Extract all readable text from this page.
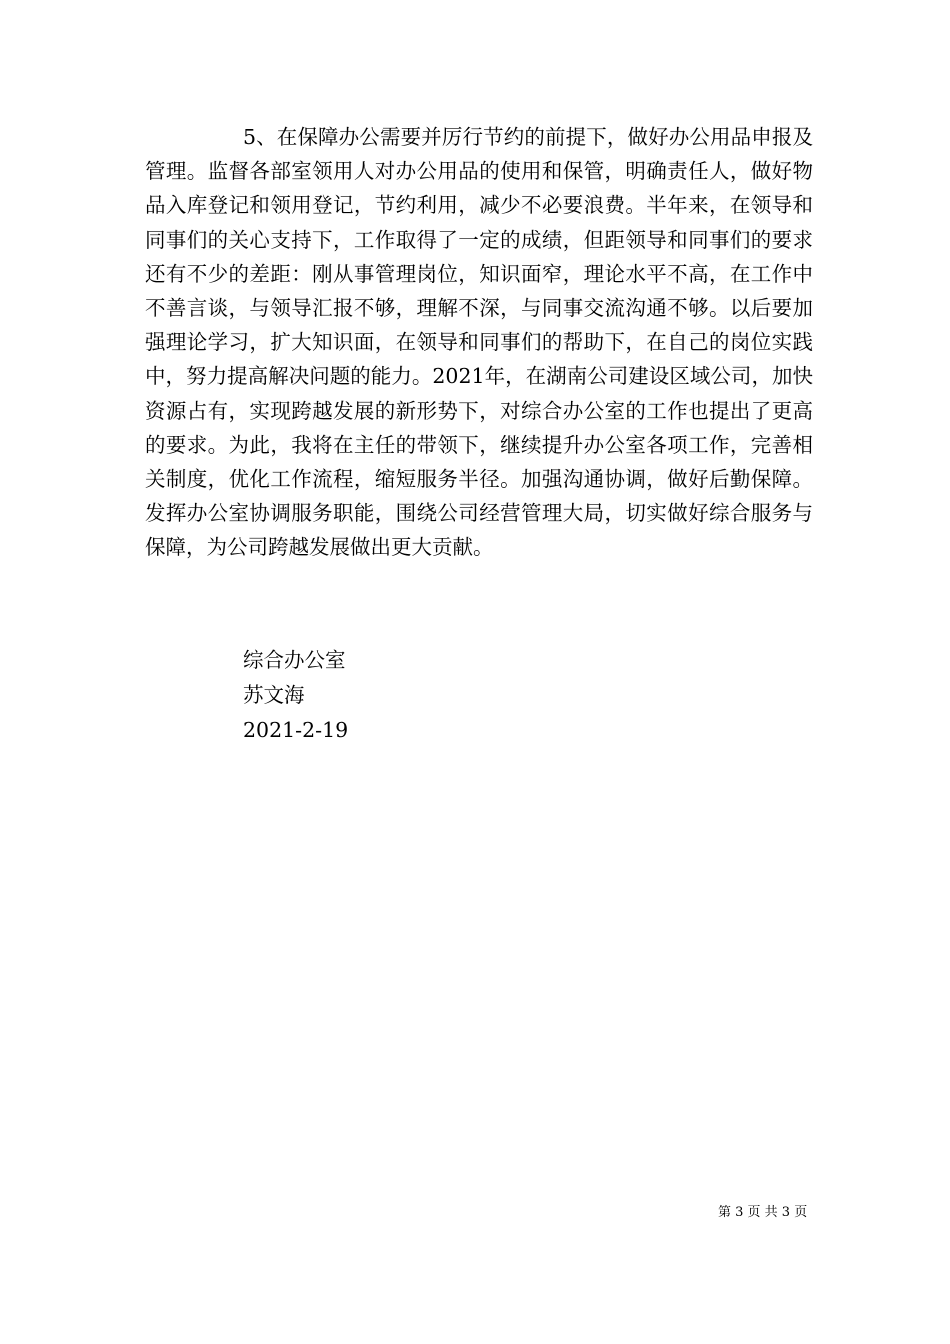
5、在保障办公需要并厉行节约的前提下，做好办公用品申报及管理。监督各部室领用人对办公用品的使用和保管，明确责任人，做好物品入库登记和领用登记，节约利用，减少不必要浪费。半年来，在领导和同事们的关心支持下，工作取得了一定的成绩，但距领导和同事们的要求还有不少的差距：刚从事管理岗位，知识面窄，理论水平不高，在工作中不善言谈，与领导汇报不够，理解不深，与同事交流沟通不够。以后要加强理论学习，扩大知识面，在领导和同事们的帮助下，在自己的岗位实践中，努力提高解决问题的能力。2021年，在湖南公司建设区域公司，加快资源占有，实现跨越发展的新形势下，对综合办公室的工作也提出了更高的要求。为此，我将在主任的带领下，继续提升办公室各项工作，完善相关制度，优化工作流程，缩短服务半径。加强沟通协调，做好后勤保障。发挥办公室协调服务职能，围绕公司经营管理大局，切实做好综合服务与保障，为公司跨越发展做出更大贡献。

综合办公室

苏文海

2021-2-19

第 3 页 共 3 页
